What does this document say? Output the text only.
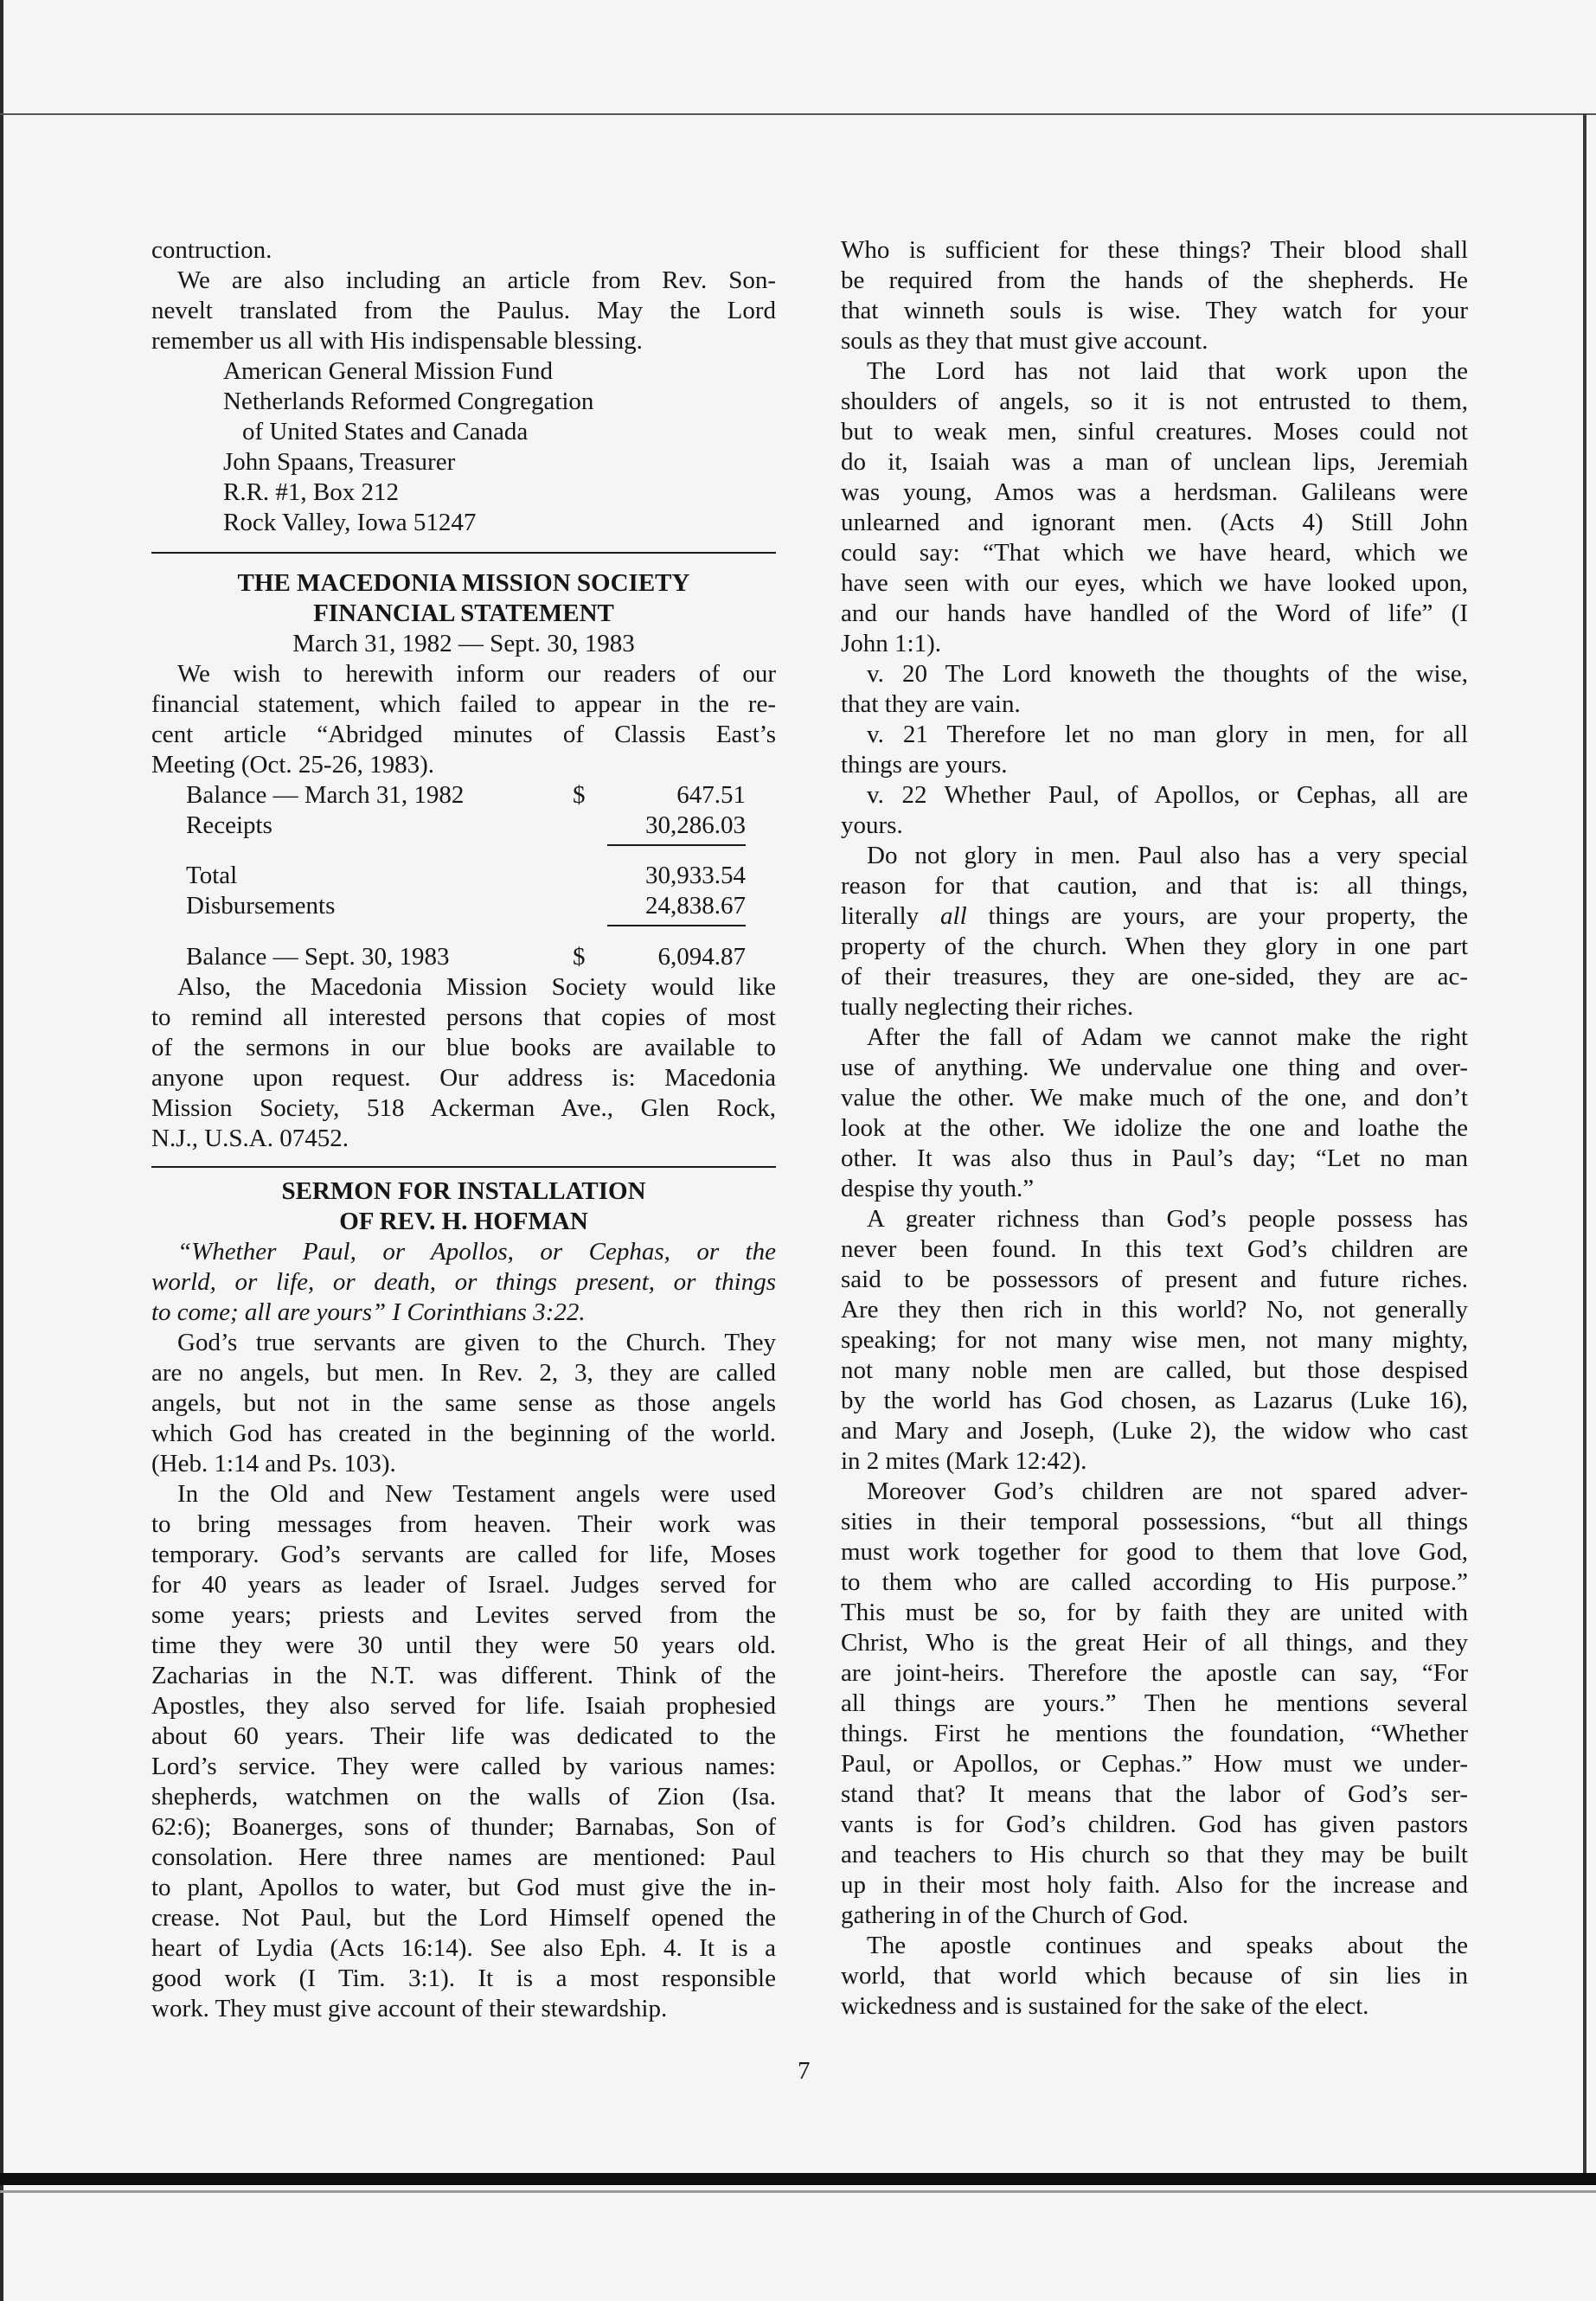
contruction.
We are also including an article from Rev. Son-
nevelt translated from the Paulus. May the Lord
remember us all with His indispensable blessing.
American General Mission Fund
Netherlands Reformed Congregation
of United States and Canada
John Spaans, Treasurer
R.R. #1, Box 212
Rock Valley, Iowa 51247
THE MACEDONIA MISSION SOCIETY
FINANCIAL STATEMENT
March 31, 1982 — Sept. 30, 1983
We wish to herewith inform our readers of our
financial statement, which failed to appear in the re-
cent article “Abridged minutes of Classis East’s
Meeting (Oct. 25-26, 1983).
Balance — March 31, 1982	$	647.51
Receipts	30,286.03
Total	30,933.54
Disbursements	24,838.67
Balance — Sept. 30, 1983	$	6,094.87
Also, the Macedonia Mission Society would like
to remind all interested persons that copies of most
of the sermons in our blue books are available to
anyone upon request. Our address is: Macedonia
Mission Society, 518 Ackerman Ave., Glen Rock,
N.J., U.S.A. 07452.
SERMON FOR INSTALLATION
OF REV. H. HOFMAN
“Whether Paul, or Apollos, or Cephas, or the
world, or life, or death, or things present, or things
to come; all are yours” I Corinthians 3:22.
God’s true servants are given to the Church. They
are no angels, but men. In Rev. 2, 3, they are called
angels, but not in the same sense as those angels
which God has created in the beginning of the world.
(Heb. 1:14 and Ps. 103).
In the Old and New Testament angels were used
to bring messages from heaven. Their work was
temporary. God’s servants are called for life, Moses
for 40 years as leader of Israel. Judges served for
some years; priests and Levites served from the
time they were 30 until they were 50 years old.
Zacharias in the N.T. was different. Think of the
Apostles, they also served for life. Isaiah prophesied
about 60 years. Their life was dedicated to the
Lord’s service. They were called by various names:
shepherds, watchmen on the walls of Zion (Isa.
62:6); Boanerges, sons of thunder; Barnabas, Son of
consolation. Here three names are mentioned: Paul
to plant, Apollos to water, but God must give the in-
crease. Not Paul, but the Lord Himself opened the
heart of Lydia (Acts 16:14). See also Eph. 4. It is a
good work (I Tim. 3:1). It is a most responsible
work. They must give account of their stewardship.
Who is sufficient for these things? Their blood shall
be required from the hands of the shepherds. He
that winneth souls is wise. They watch for your
souls as they that must give account.
The Lord has not laid that work upon the
shoulders of angels, so it is not entrusted to them,
but to weak men, sinful creatures. Moses could not
do it, Isaiah was a man of unclean lips, Jeremiah
was young, Amos was a herdsman. Galileans were
unlearned and ignorant men. (Acts 4) Still John
could say: “That which we have heard, which we
have seen with our eyes, which we have looked upon,
and our hands have handled of the Word of life” (I
John 1:1).
v. 20 The Lord knoweth the thoughts of the wise,
that they are vain.
v. 21 Therefore let no man glory in men, for all
things are yours.
v. 22 Whether Paul, of Apollos, or Cephas, all are
yours.
Do not glory in men. Paul also has a very special
reason for that caution, and that is: all things,
literally all things are yours, are your property, the
property of the church. When they glory in one part
of their treasures, they are one-sided, they are ac-
tually neglecting their riches.
After the fall of Adam we cannot make the right
use of anything. We undervalue one thing and over-
value the other. We make much of the one, and don’t
look at the other. We idolize the one and loathe the
other. It was also thus in Paul’s day; “Let no man
despise thy youth.”
A greater richness than God’s people possess has
never been found. In this text God’s children are
said to be possessors of present and future riches.
Are they then rich in this world? No, not generally
speaking; for not many wise men, not many mighty,
not many noble men are called, but those despised
by the world has God chosen, as Lazarus (Luke 16),
and Mary and Joseph, (Luke 2), the widow who cast
in 2 mites (Mark 12:42).
Moreover God’s children are not spared adver-
sities in their temporal possessions, “but all things
must work together for good to them that love God,
to them who are called according to His purpose.”
This must be so, for by faith they are united with
Christ, Who is the great Heir of all things, and they
are joint-heirs. Therefore the apostle can say, “For
all things are yours.” Then he mentions several
things. First he mentions the foundation, “Whether
Paul, or Apollos, or Cephas.” How must we under-
stand that? It means that the labor of God’s ser-
vants is for God’s children. God has given pastors
and teachers to His church so that they may be built
up in their most holy faith. Also for the increase and
gathering in of the Church of God.
The apostle continues and speaks about the
world, that world which because of sin lies in
wickedness and is sustained for the sake of the elect.
7
